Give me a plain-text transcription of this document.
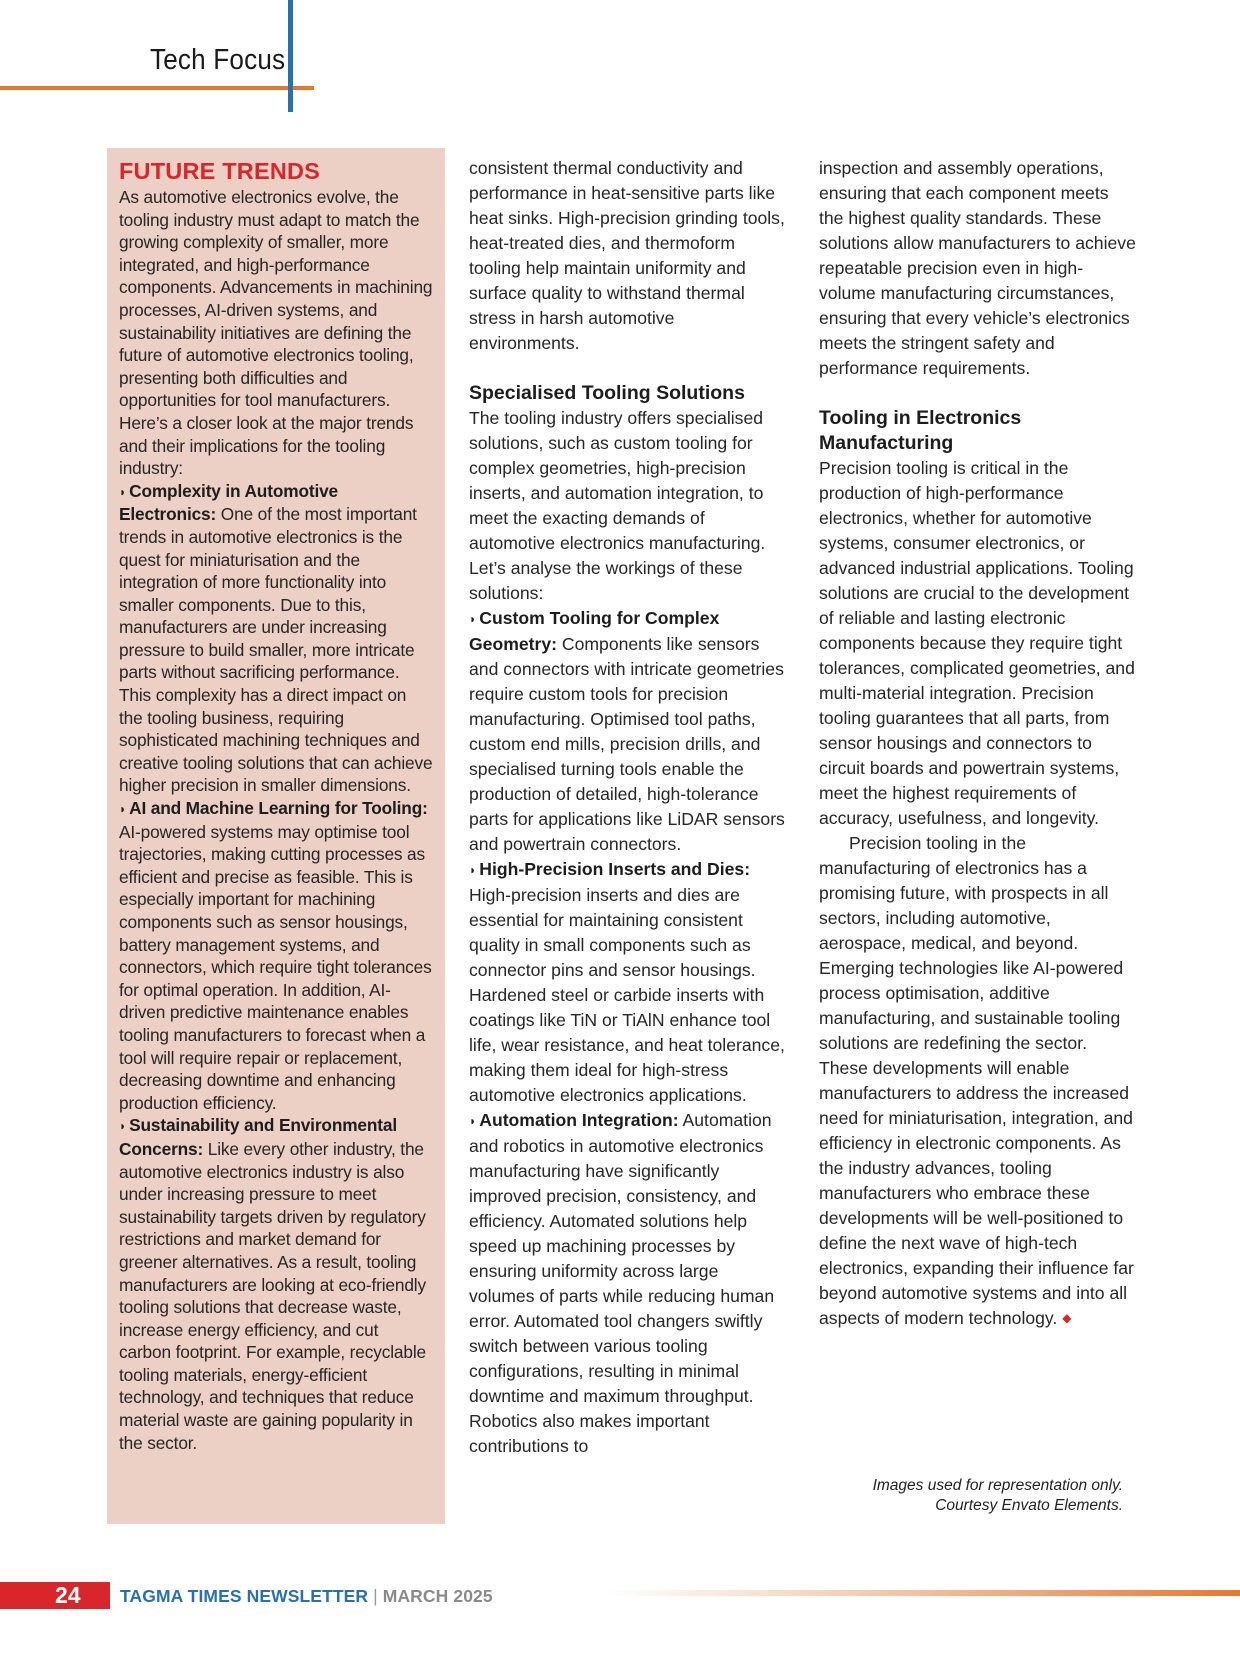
Tech Focus
FUTURE TRENDS

As automotive electronics evolve, the tooling industry must adapt to match the growing complexity of smaller, more integrated, and high-performance components. Advancements in machining processes, AI-driven systems, and sustainability initiatives are defining the future of automotive electronics tooling, presenting both difficulties and opportunities for tool manufacturers. Here’s a closer look at the major trends and their implications for the tooling industry:

◗ Complexity in Automotive Electronics: One of the most important trends in automotive electronics is the quest for miniaturisation and the integration of more functionality into smaller components. Due to this, manufacturers are under increasing pressure to build smaller, more intricate parts without sacrificing performance. This complexity has a direct impact on the tooling business, requiring sophisticated machining techniques and creative tooling solutions that can achieve higher precision in smaller dimensions.

◗ AI and Machine Learning for Tooling: AI-powered systems may optimise tool trajectories, making cutting processes as efficient and precise as feasible. This is especially important for machining components such as sensor housings, battery management systems, and connectors, which require tight tolerances for optimal operation. In addition, AI-driven predictive maintenance enables tooling manufacturers to forecast when a tool will require repair or replacement, decreasing downtime and enhancing production efficiency.

◗ Sustainability and Environmental Concerns: Like every other industry, the automotive electronics industry is also under increasing pressure to meet sustainability targets driven by regulatory restrictions and market demand for greener alternatives. As a result, tooling manufacturers are looking at eco-friendly tooling solutions that decrease waste, increase energy efficiency, and cut carbon footprint. For example, recyclable tooling materials, energy-efficient technology, and techniques that reduce material waste are gaining popularity in the sector.

consistent thermal conductivity and performance in heat-sensitive parts like heat sinks. High-precision grinding tools, heat-treated dies, and thermoform tooling help maintain uniformity and surface quality to withstand thermal stress in harsh automotive environments.

Specialised Tooling Solutions

The tooling industry offers specialised solutions, such as custom tooling for complex geometries, high-precision inserts, and automation integration, to meet the exacting demands of automotive electronics manufacturing. Let’s analyse the workings of these solutions:

◗ Custom Tooling for Complex Geometry: Components like sensors and connectors with intricate geometries require custom tools for precision manufacturing. Optimised tool paths, custom end mills, precision drills, and specialised turning tools enable the production of detailed, high-tolerance parts for applications like LiDAR sensors and powertrain connectors.

◗ High-Precision Inserts and Dies: High-precision inserts and dies are essential for maintaining consistent quality in small components such as connector pins and sensor housings. Hardened steel or carbide inserts with coatings like TiN or TiAlN enhance tool life, wear resistance, and heat tolerance, making them ideal for high-stress automotive electronics applications.

◗ Automation Integration: Automation and robotics in automotive electronics manufacturing have significantly improved precision, consistency, and efficiency. Automated solutions help speed up machining processes by ensuring uniformity across large volumes of parts while reducing human error. Automated tool changers swiftly switch between various tooling configurations, resulting in minimal downtime and maximum throughput. Robotics also makes important contributions to

inspection and assembly operations, ensuring that each component meets the highest quality standards. These solutions allow manufacturers to achieve repeatable precision even in high-volume manufacturing circumstances, ensuring that every vehicle’s electronics meets the stringent safety and performance requirements.

Tooling in Electronics Manufacturing

Precision tooling is critical in the production of high-performance electronics, whether for automotive systems, consumer electronics, or advanced industrial applications. Tooling solutions are crucial to the development of reliable and lasting electronic components because they require tight tolerances, complicated geometries, and multi-material integration. Precision tooling guarantees that all parts, from sensor housings and connectors to circuit boards and powertrain systems, meet the highest requirements of accuracy, usefulness, and longevity.

Precision tooling in the manufacturing of electronics has a promising future, with prospects in all sectors, including automotive, aerospace, medical, and beyond. Emerging technologies like AI-powered process optimisation, additive manufacturing, and sustainable tooling solutions are redefining the sector. These developments will enable manufacturers to address the increased need for miniaturisation, integration, and efficiency in electronic components. As the industry advances, tooling manufacturers who embrace these developments will be well-positioned to define the next wave of high-tech electronics, expanding their influence far beyond automotive systems and into all aspects of modern technology. ◆

Images used for representation only.
Courtesy Envato Elements.
24 TAGMA TIMES NEWSLETTER | MARCH 2025
